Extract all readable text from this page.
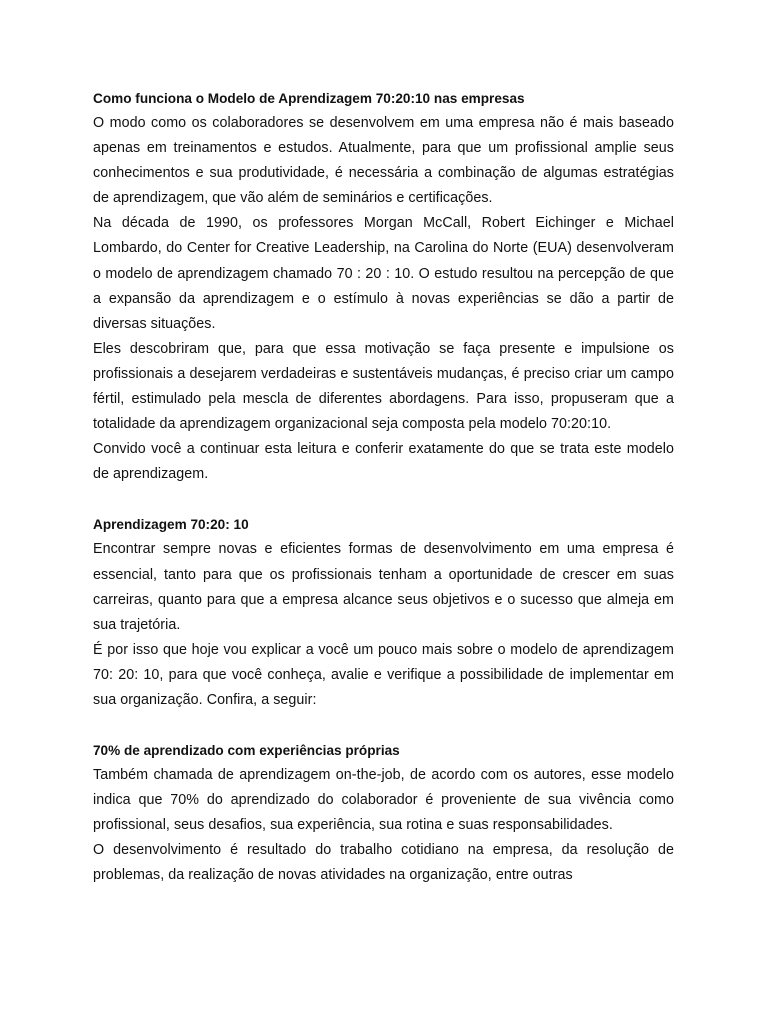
Como funciona o Modelo de Aprendizagem 70:20:10 nas empresas

O modo como os colaboradores se desenvolvem em uma empresa não é mais baseado apenas em treinamentos e estudos. Atualmente, para que um profissional amplie seus conhecimentos e sua produtividade, é necessária a combinação de algumas estratégias de aprendizagem, que vão além de seminários e certificações.

Na década de 1990, os professores Morgan McCall, Robert Eichinger e Michael Lombardo, do Center for Creative Leadership, na Carolina do Norte (EUA) desenvolveram o modelo de aprendizagem chamado 70 : 20 : 10. O estudo resultou na percepção de que a expansão da aprendizagem e o estímulo à novas experiências se dão a partir de diversas situações.

Eles descobriram que, para que essa motivação se faça presente e impulsione os profissionais a desejarem verdadeiras e sustentáveis mudanças, é preciso criar um campo fértil, estimulado pela mescla de diferentes abordagens. Para isso, propuseram que a totalidade da aprendizagem organizacional seja composta pela modelo 70:20:10.

Convido você a continuar esta leitura e conferir exatamente do que se trata este modelo de aprendizagem.

Aprendizagem 70:20: 10

Encontrar sempre novas e eficientes formas de desenvolvimento em uma empresa é essencial, tanto para que os profissionais tenham a oportunidade de crescer em suas carreiras, quanto para que a empresa alcance seus objetivos e o sucesso que almeja em sua trajetória.

É por isso que hoje vou explicar a você um pouco mais sobre o modelo de aprendizagem 70: 20: 10, para que você conheça, avalie e verifique a possibilidade de implementar em sua organização. Confira, a seguir:

70% de aprendizado com experiências próprias

Também chamada de aprendizagem on-the-job, de acordo com os autores, esse modelo indica que 70% do aprendizado do colaborador é proveniente de sua vivência como profissional, seus desafios, sua experiência, sua rotina e suas responsabilidades.

O desenvolvimento é resultado do trabalho cotidiano na empresa, da resolução de problemas, da realização de novas atividades na organização, entre outras
